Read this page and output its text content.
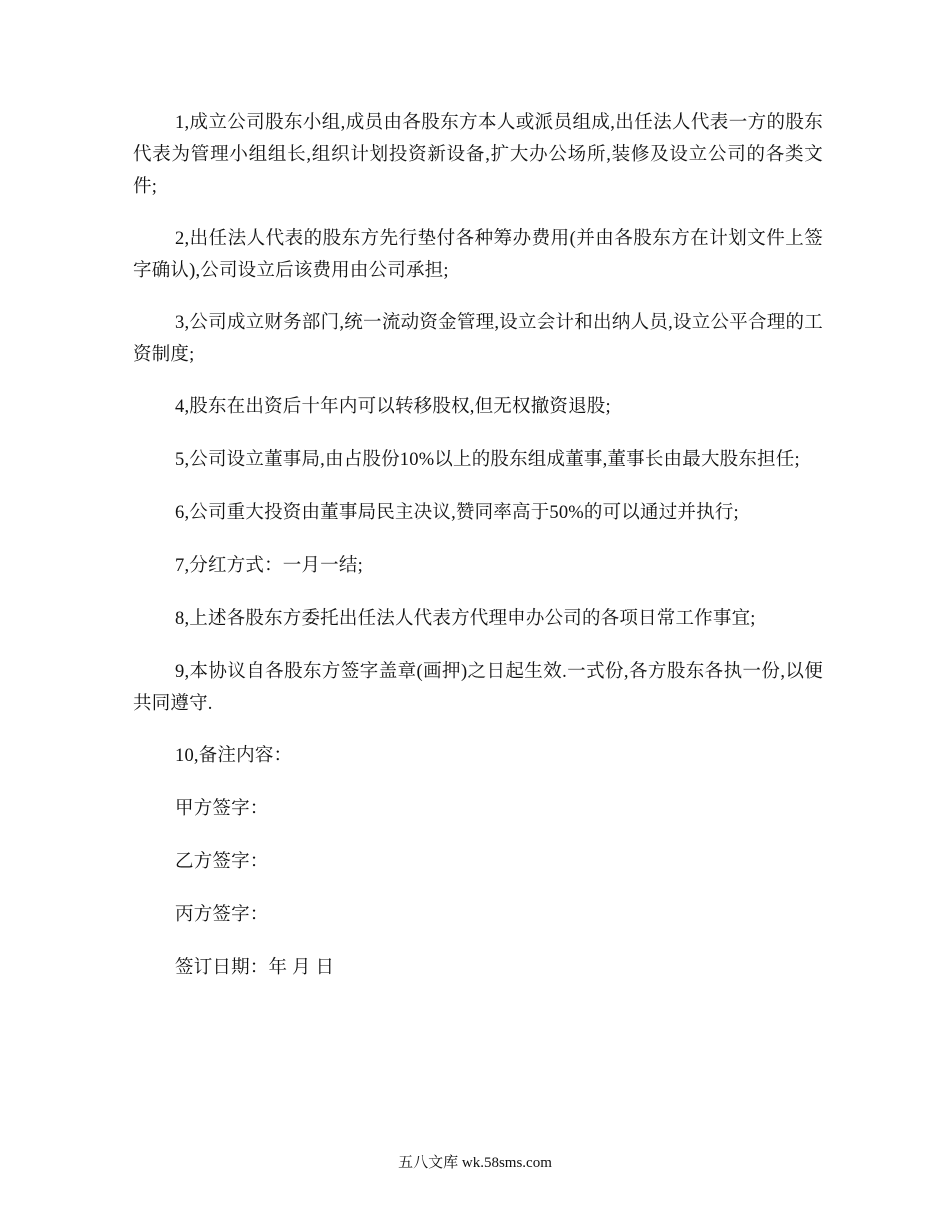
1,成立公司股东小组,成员由各股东方本人或派员组成,出任法人代表一方的股东代表为管理小组组长,组织计划投资新设备,扩大办公场所,装修及设立公司的各类文件;

2,出任法人代表的股东方先行垫付各种筹办费用(并由各股东方在计划文件上签字确认),公司设立后该费用由公司承担;

3,公司成立财务部门,统一流动资金管理,设立会计和出纳人员,设立公平合理的工资制度;

4,股东在出资后十年内可以转移股权,但无权撤资退股;

5,公司设立董事局,由占股份10%以上的股东组成董事,董事长由最大股东担任;

6,公司重大投资由董事局民主决议,赞同率高于50%的可以通过并执行;

7,分红方式：一月一结;

8,上述各股东方委托出任法人代表方代理申办公司的各项日常工作事宜;

9,本协议自各股东方签字盖章(画押)之日起生效.一式份,各方股东各执一份,以便共同遵守.

10,备注内容：

甲方签字：

乙方签字：

丙方签字：

签订日期：年 月 日

五八文库 wk.58sms.com
